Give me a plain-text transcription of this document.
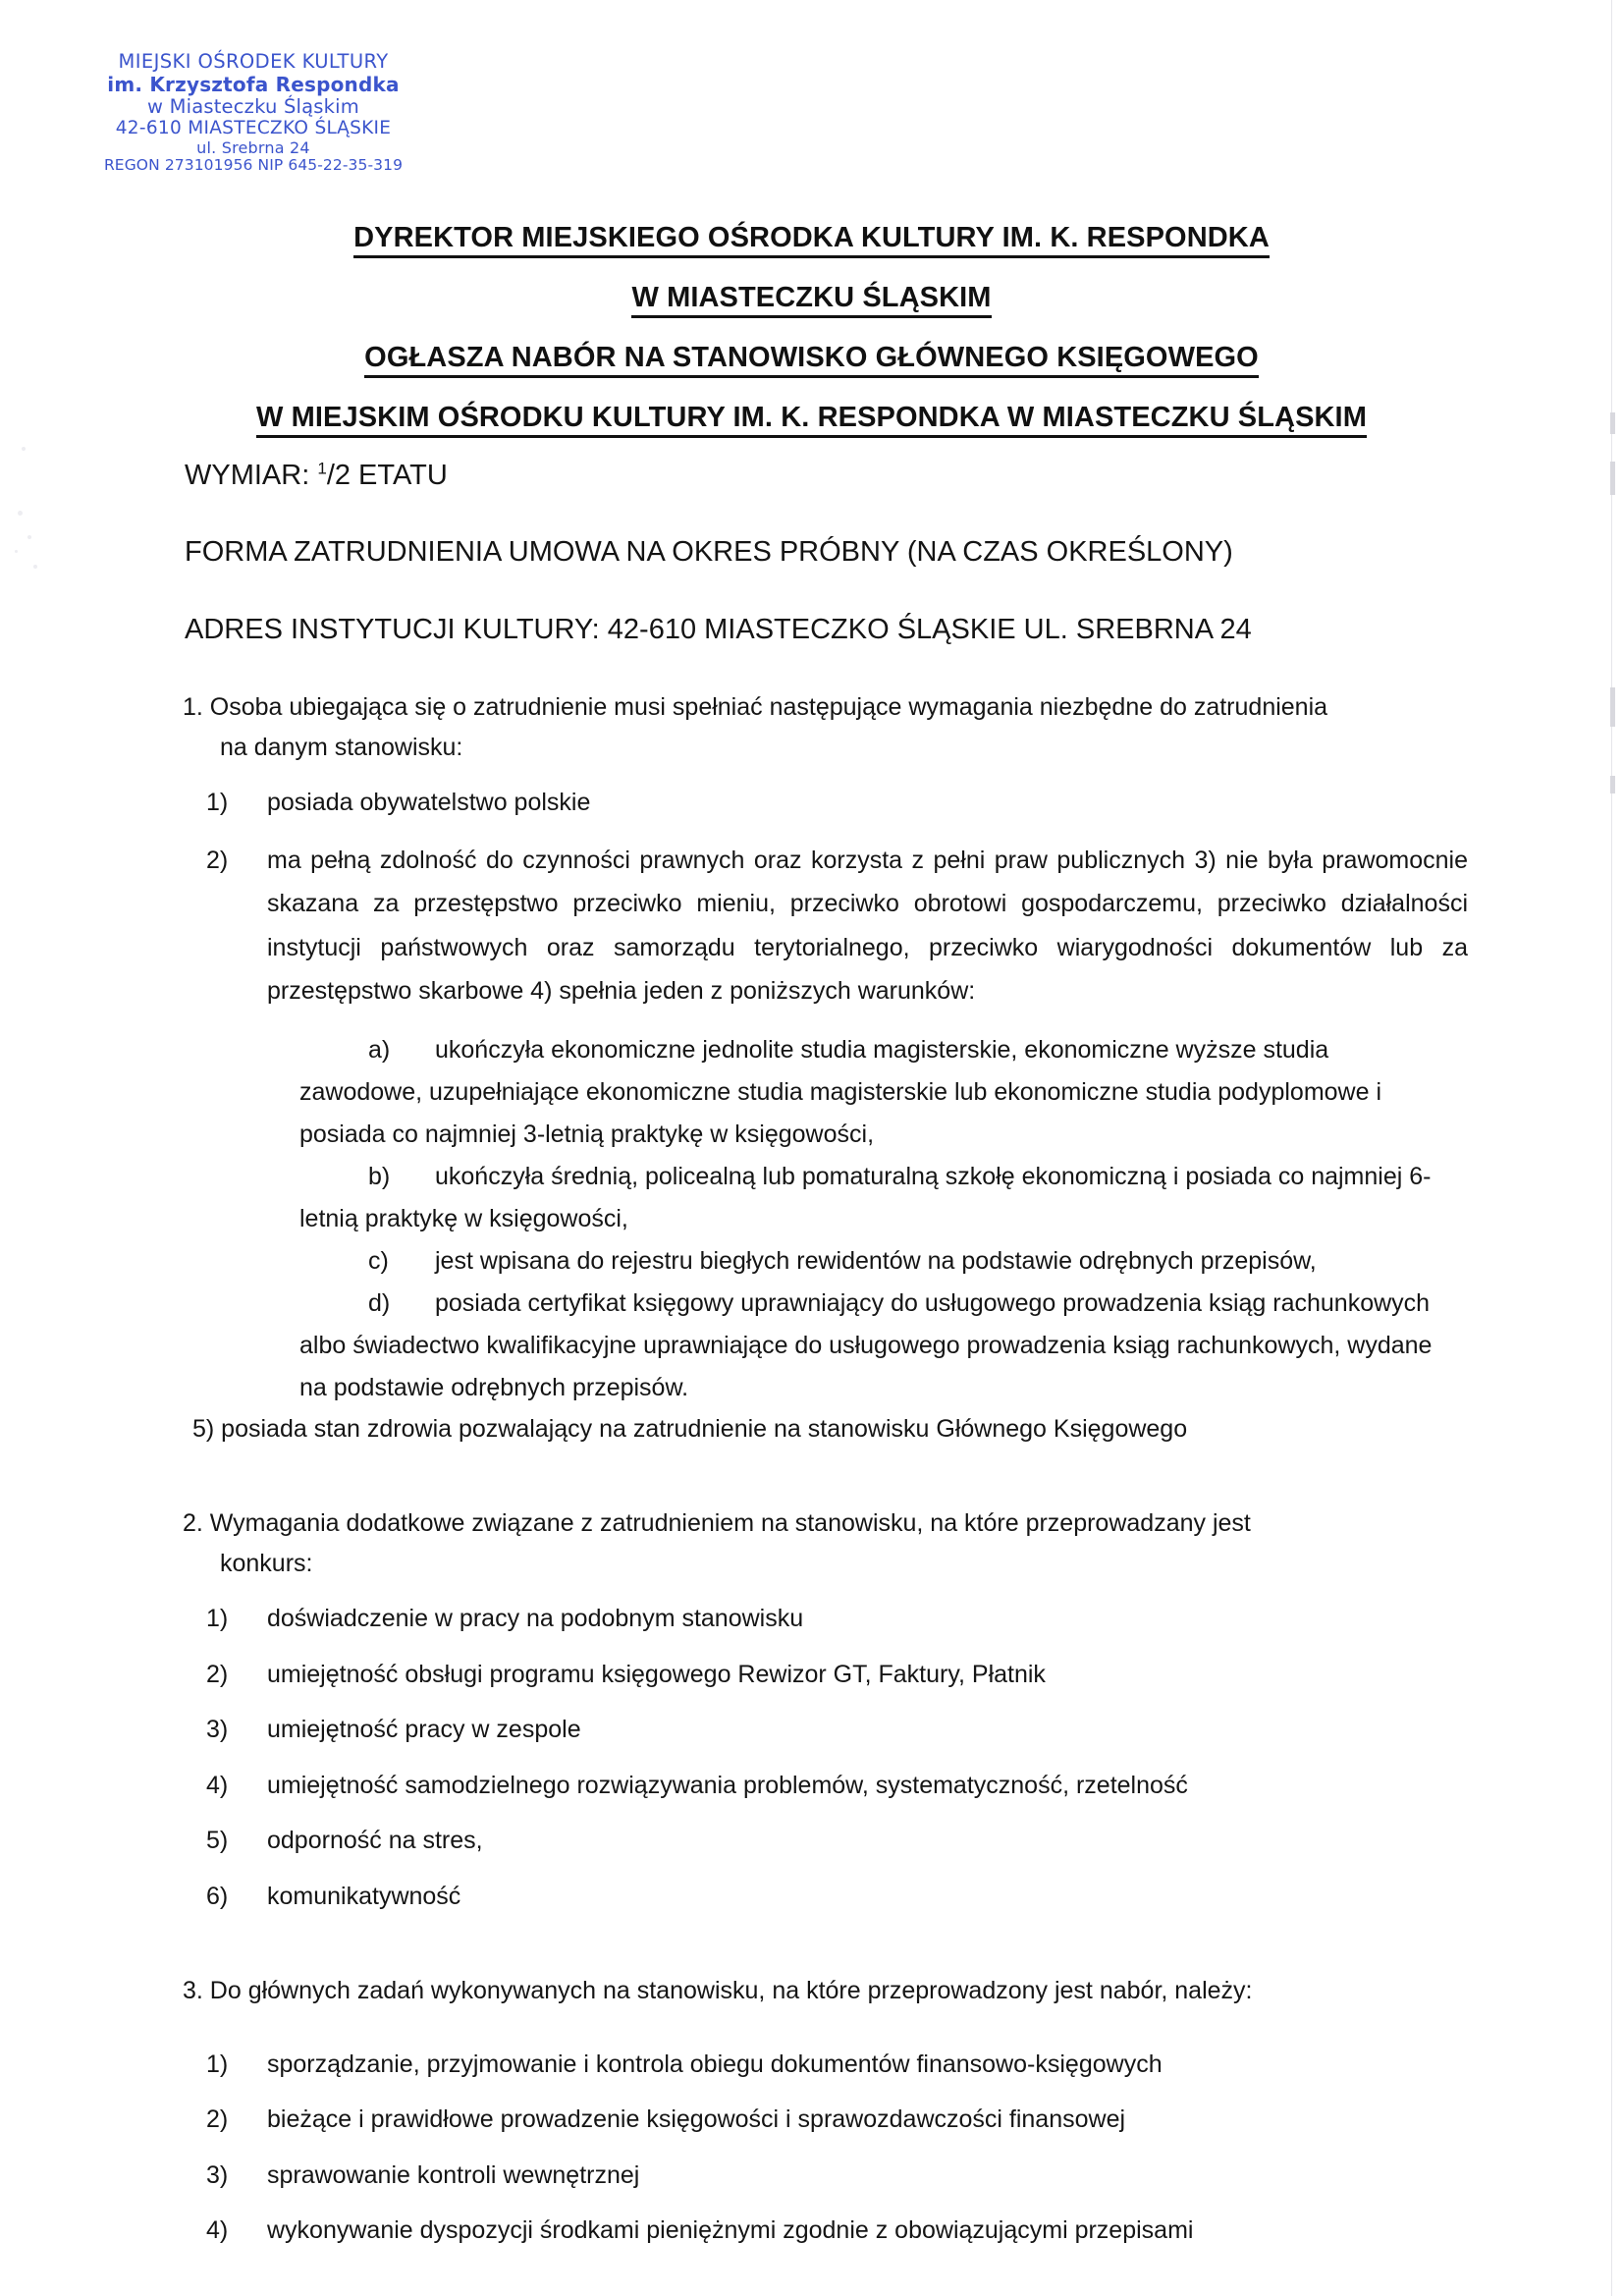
MIEJSKI OŚRODEK KULTURY
im. Krzysztofa Respondka
w Miasteczku Śląskim
42-610 MIASTECZKO ŚLĄSKIE
ul. Srebrna 24
REGON 273101956 NIP 645-22-35-319
DYREKTOR MIEJSKIEGO OŚRODKA KULTURY IM. K. RESPONDKA
W MIASTECZKU ŚLĄSKIM
OGŁASZA NABÓR NA STANOWISKO GŁÓWNEGO KSIĘGOWEGO
W MIEJSKIM OŚRODKU KULTURY IM. K. RESPONDKA W MIASTECZKU ŚLĄSKIM
WYMIAR: $^1$/2 ETATU
FORMA ZATRUDNIENIA UMOWA NA OKRES PRÓBNY (NA CZAS OKREŚLONY)
ADRES INSTYTUCJI KULTURY: 42-610 MIASTECZKO ŚLĄSKIE UL. SREBRNA 24
1. Osoba ubiegająca się o zatrudnienie musi spełniać następujące wymagania niezbędne do zatrudnienia
na danym stanowisku:
1)	posiada obywatelstwo polskie
2)	ma pełną zdolność do czynności prawnych oraz korzysta z pełni praw publicznych 3) nie była prawomocnie skazana za przestępstwo przeciwko mieniu, przeciwko obrotowi gospodarczemu, przeciwko działalności instytucji państwowych oraz samorządu terytorialnego, przeciwko wiarygodności dokumentów lub za przestępstwo skarbowe 4) spełnia jeden z poniższych warunków:
a) ukończyła ekonomiczne jednolite studia magisterskie, ekonomiczne wyższe studia zawodowe, uzupełniające ekonomiczne studia magisterskie lub ekonomiczne studia podyplomowe i posiada co najmniej 3-letnią praktykę w księgowości,
b) ukończyła średnią, policealną lub pomaturalną szkołę ekonomiczną i posiada co najmniej 6-letnią praktykę w księgowości,
c) jest wpisana do rejestru biegłych rewidentów na podstawie odrębnych przepisów,
d) posiada certyfikat księgowy uprawniający do usługowego prowadzenia ksiąg rachunkowych albo świadectwo kwalifikacyjne uprawniające do usługowego prowadzenia ksiąg rachunkowych, wydane na podstawie odrębnych przepisów.
5) posiada stan zdrowia pozwalający na zatrudnienie na stanowisku Głównego Księgowego
2. Wymagania dodatkowe związane z zatrudnieniem na stanowisku, na które przeprowadzany jest
konkurs:
1)	doświadczenie w pracy na podobnym stanowisku
2)	umiejętność obsługi programu księgowego Rewizor GT, Faktury, Płatnik
3)	umiejętność pracy w zespole
4)	umiejętność samodzielnego rozwiązywania problemów, systematyczność, rzetelność
5)	odporność na stres,
6)	komunikatywność
3. Do głównych zadań wykonywanych na stanowisku, na które przeprowadzony jest nabór, należy:
1)	sporządzanie, przyjmowanie i kontrola obiegu dokumentów finansowo-księgowych
2)	bieżące i prawidłowe prowadzenie księgowości i sprawozdawczości finansowej
3)	sprawowanie kontroli wewnętrznej
4)	wykonywanie dyspozycji środkami pieniężnymi zgodnie z obowiązującymi przepisami
